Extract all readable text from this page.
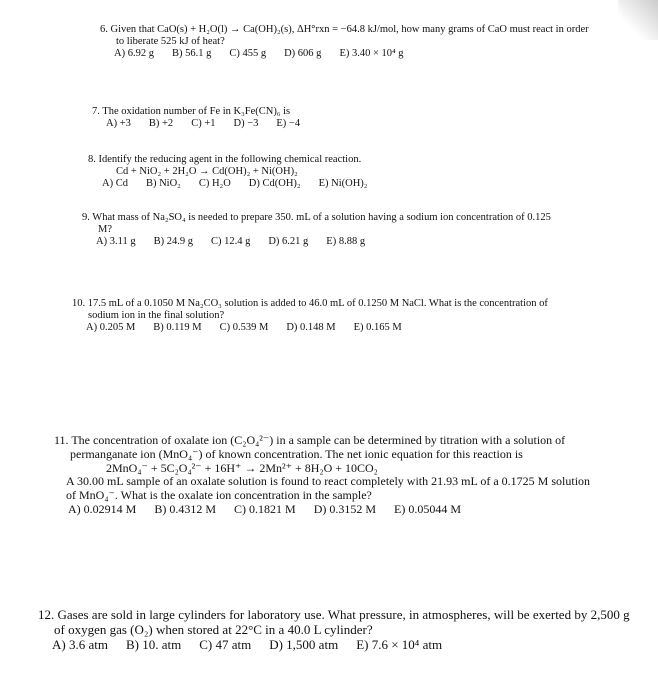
6. Given that CaO(s) + H₂O(l) → Ca(OH)₂(s), ΔH°rxn = −64.8 kJ/mol, how many grams of CaO must react in order
to liberate 525 kJ of heat?
A) 6.92 g B) 56.1 g C) 455 g D) 606 g E) 3.40 × 10⁴ g
7. The oxidation number of Fe in K₃Fe(CN)₆ is
A) +3 B) +2 C) +1 D) −3 E) −4
8. Identify the reducing agent in the following chemical reaction.
Cd + NiO₂ + 2H₂O → Cd(OH)₂ + Ni(OH)₂
A) Cd B) NiO₂ C) H₂O D) Cd(OH)₂ E) Ni(OH)₂
9. What mass of Na₂SO₄ is needed to prepare 350. mL of a solution having a sodium ion concentration of 0.125
M?
A) 3.11 g B) 24.9 g C) 12.4 g D) 6.21 g E) 8.88 g
10. 17.5 mL of a 0.1050 M Na₂CO₃ solution is added to 46.0 mL of 0.1250 M NaCl. What is the concentration of
sodium ion in the final solution?
A) 0.205 M B) 0.119 M C) 0.539 M D) 0.148 M E) 0.165 M
11. The concentration of oxalate ion (C₂O₄²⁻) in a sample can be determined by titration with a solution of
permanganate ion (MnO₄⁻) of known concentration. The net ionic equation for this reaction is
2MnO₄⁻ + 5C₂O₄²⁻ + 16H⁺ → 2Mn²⁺ + 8H₂O + 10CO₂
A 30.00 mL sample of an oxalate solution is found to react completely with 21.93 mL of a 0.1725 M solution
of MnO₄⁻. What is the oxalate ion concentration in the sample?
A) 0.02914 M B) 0.4312 M C) 0.1821 M D) 0.3152 M E) 0.05044 M
12. Gases are sold in large cylinders for laboratory use. What pressure, in atmospheres, will be exerted by 2,500 g
of oxygen gas (O₂) when stored at 22°C in a 40.0 L cylinder?
A) 3.6 atm B) 10. atm C) 47 atm D) 1,500 atm E) 7.6 × 10⁴ atm
